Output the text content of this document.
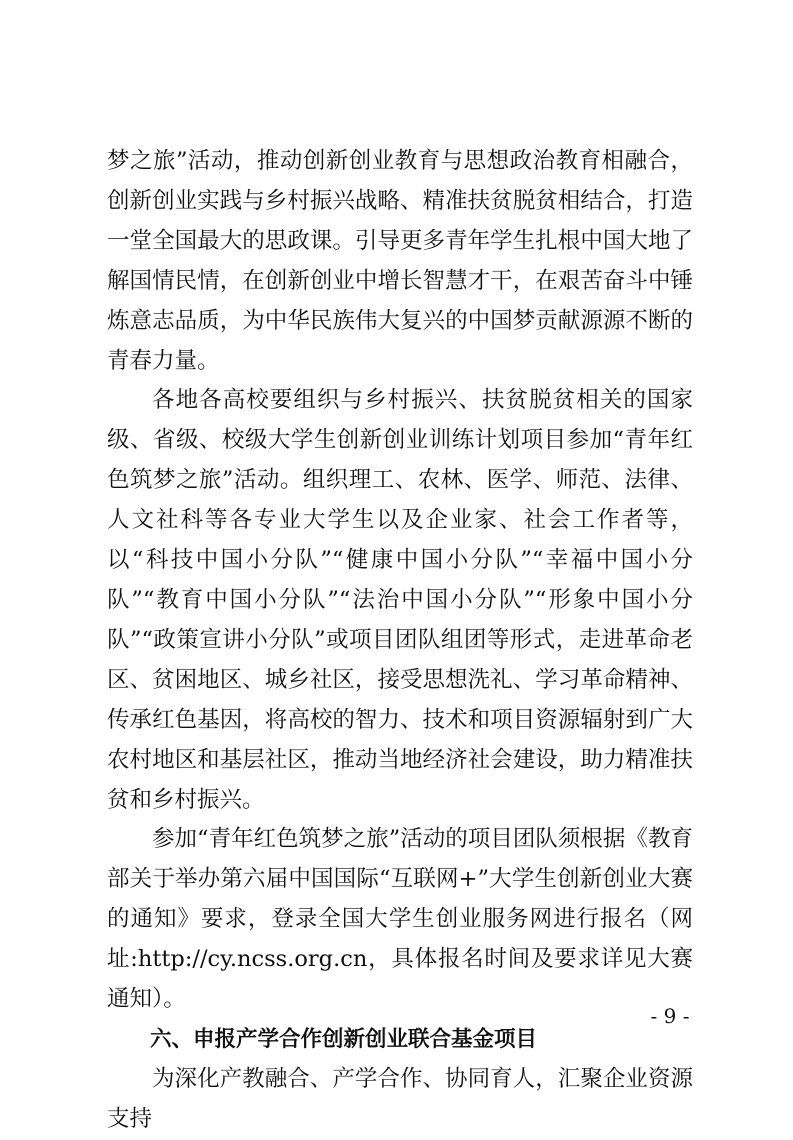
梦之旅”活动，推动创新创业教育与思想政治教育相融合，创新创业实践与乡村振兴战略、精准扶贫脱贫相结合，打造一堂全国最大的思政课。引导更多青年学生扎根中国大地了解国情民情，在创新创业中增长智慧才干，在艰苦奋斗中锤炼意志品质，为中华民族伟大复兴的中国梦贡献源源不断的青春力量。

各地各高校要组织与乡村振兴、扶贫脱贫相关的国家级、省级、校级大学生创新创业训练计划项目参加“青年红色筑梦之旅”活动。组织理工、农林、医学、师范、法律、人文社科等各专业大学生以及企业家、社会工作者等，以“科技中国小分队”“健康中国小分队”“幸福中国小分队”“教育中国小分队”“法治中国小分队”“形象中国小分队”“政策宣讲小分队”或项目团队组团等形式，走进革命老区、贫困地区、城乡社区，接受思想洗礼、学习革命精神、传承红色基因，将高校的智力、技术和项目资源辐射到广大农村地区和基层社区，推动当地经济社会建设，助力精准扶贫和乡村振兴。

参加“青年红色筑梦之旅”活动的项目团队须根据《教育部关于举办第六届中国国际“互联网+”大学生创新创业大赛的通知》要求，登录全国大学生创业服务网进行报名（网址:http://cy.ncss.org.cn，具体报名时间及要求详见大赛通知）。

六、申报产学合作创新创业联合基金项目

为深化产教融合、产学合作、协同育人，汇聚企业资源支持

- 9 -
